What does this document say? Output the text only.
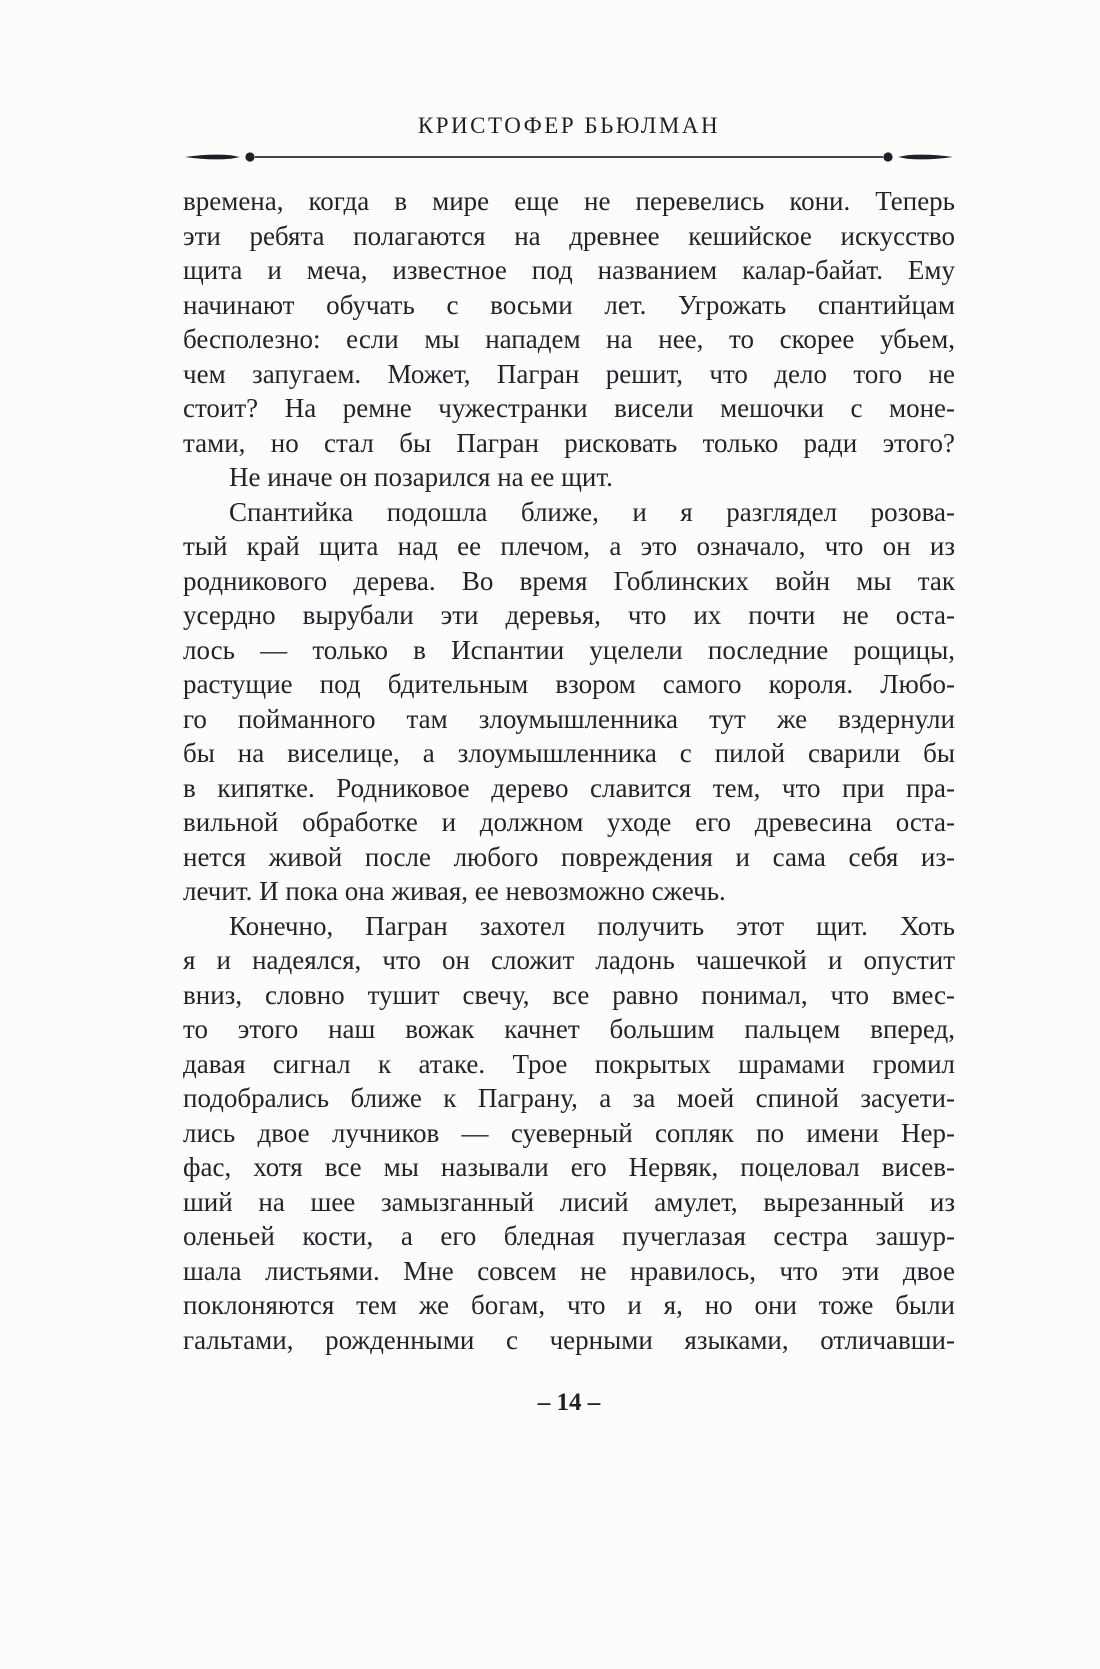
КРИСТОФЕР БЬЮЛМАН
времена, когда в мире еще не перевелись кони. Теперь
эти ребята полагаются на древнее кешийское искусство
щита и меча, известное под названием калар-байат. Ему
начинают обучать с восьми лет. Угрожать спантийцам
бесполезно: если мы нападем на нее, то скорее убьем,
чем запугаем. Может, Пагран решит, что дело того не
стоит? На ремне чужестранки висели мешочки с моне-
тами, но стал бы Пагран рисковать только ради этого?
Не иначе он позарился на ее щит.
Спантийка подошла ближе, и я разглядел розова-
тый край щита над ее плечом, а это означало, что он из
родникового дерева. Во время Гоблинских войн мы так
усердно вырубали эти деревья, что их почти не оста-
лось — только в Испантии уцелели последние рощицы,
растущие под бдительным взором самого короля. Любо-
го пойманного там злоумышленника тут же вздернули
бы на виселице, а злоумышленника с пилой сварили бы
в кипятке. Родниковое дерево славится тем, что при пра-
вильной обработке и должном уходе его древесина оста-
нется живой после любого повреждения и сама себя из-
лечит. И пока она живая, ее невозможно сжечь.
Конечно, Пагран захотел получить этот щит. Хоть
я и надеялся, что он сложит ладонь чашечкой и опустит
вниз, словно тушит свечу, все равно понимал, что вмес-
то этого наш вожак качнет большим пальцем вперед,
давая сигнал к атаке. Трое покрытых шрамами громил
подобрались ближе к Паграну, а за моей спиной засуети-
лись двое лучников — суеверный сопляк по имени Нер-
фас, хотя все мы называли его Нервяк, поцеловал висев-
ший на шее замызганный лисий амулет, вырезанный из
оленьей кости, а его бледная пучеглазая сестра зашур-
шала листьями. Мне совсем не нравилось, что эти двое
поклоняются тем же богам, что и я, но они тоже были
гальтами, рожденными с черными языками, отличавши-
– 14 –
